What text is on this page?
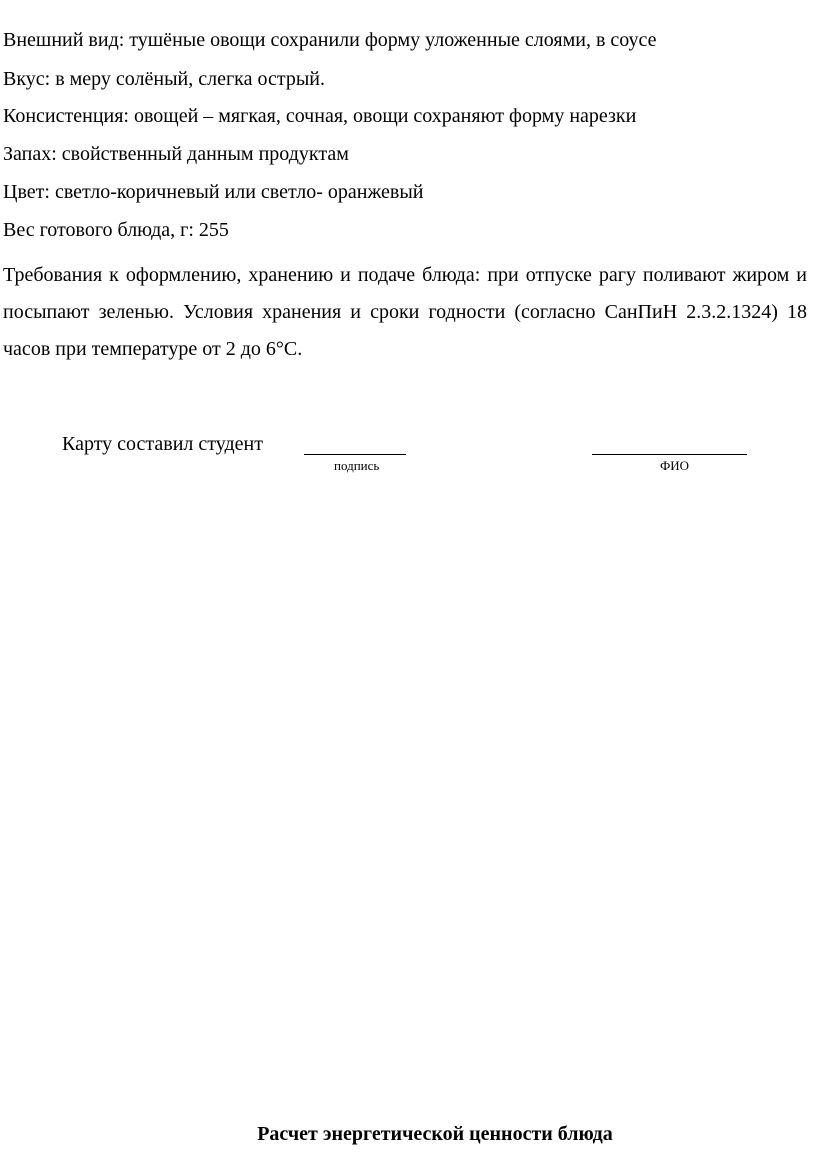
Внешний вид: тушёные овощи сохранили форму уложенные слоями, в соусе
Вкус: в меру солёный, слегка острый.
Консистенция: овощей – мягкая, сочная, овощи сохраняют форму нарезки
Запах: свойственный данным продуктам
Цвет: светло-коричневый или светло- оранжевый
Вес готового блюда, г: 255
Требования к оформлению, хранению и подаче блюда: при отпуске рагу поливают жиром и посыпают зеленью. Условия хранения и сроки годности (согласно СанПиН 2.3.2.1324) 18 часов при температуре от 2 до 6°С.
Карту составил студент
подпись	ФИО
Расчет энергетической ценности блюда
